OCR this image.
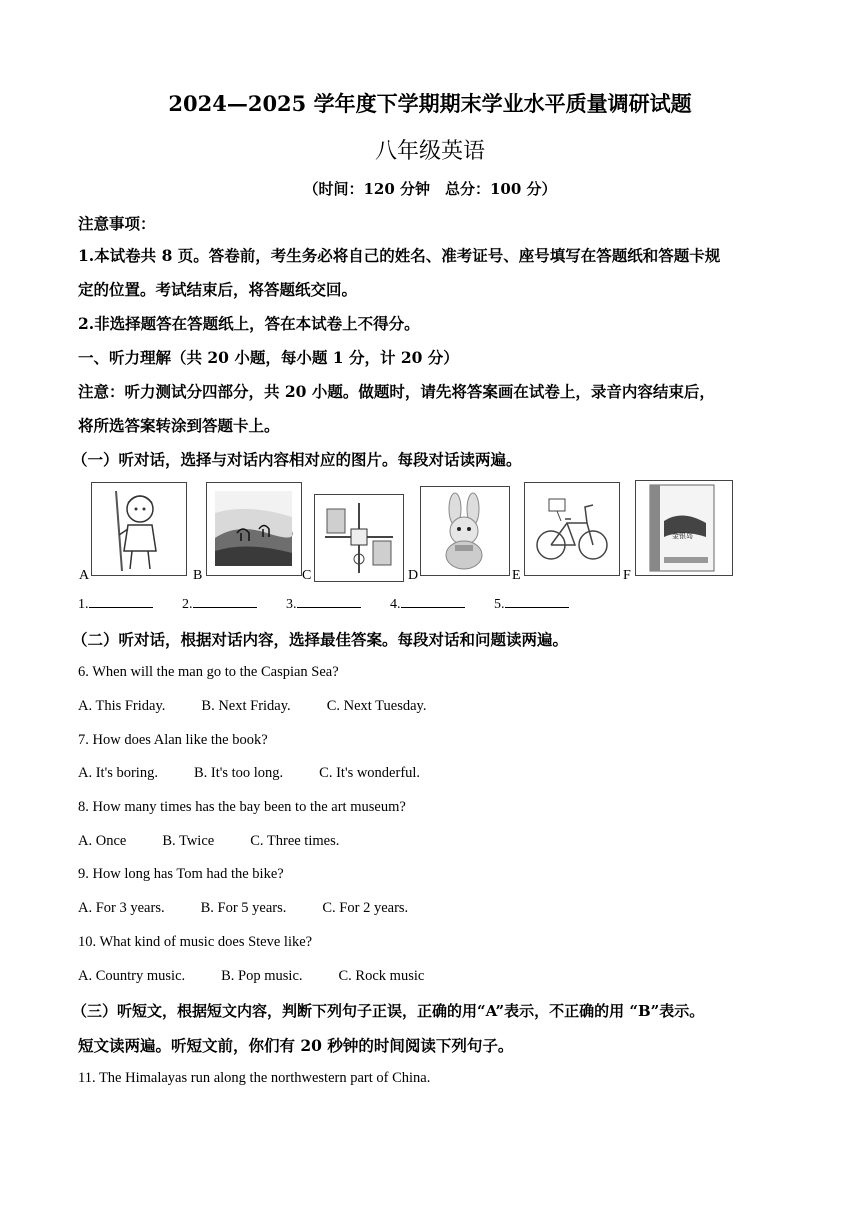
2024—2025 学年度下学期期末学业水平质量调研试题
八年级英语
（时间：120 分钟　总分：100 分）
注意事项：
1.本试卷共 8 页。答卷前，考生务必将自己的姓名、准考证号、座号填写在答题纸和答题卡规
定的位置。考试结束后，将答题纸交回。
2.非选择题答在答题纸上，答在本试卷上不得分。
一、听力理解（共 20 小题，每小题 1 分，计 20 分）
注意：听力测试分四部分，共 20 小题。做题时，请先将答案画在试卷上，录音内容结束后，
将所选答案转涂到答题卡上。
（一）听对话，选择与对话内容相对应的图片。每段对话读两遍。
A	B	C	D	E
金银岛
F
1.	2.	3.	4.	5.
（二）听对话，根据对话内容，选择最佳答案。每段对话和问题读两遍。
6. When will the man go to the Caspian Sea?
A. This Friday. B. Next Friday. C. Next Tuesday.
7. How does Alan like the book?
A. It's boring. B. It's too long. C. It's wonderful.
8. How many times has the bay been to the art museum?
A. Once B. Twice C. Three times.
9. How long has Tom had the bike?
A. For 3 years. B. For 5 years. C. For 2 years.
10. What kind of music does Steve like?
A. Country music. B. Pop music. C. Rock music
（三）听短文，根据短文内容，判断下列句子正误，正确的用“A”表示，不正确的用 “B”表示。
短文读两遍。听短文前，你们有 20 秒钟的时间阅读下列句子。
11. The Himalayas run along the northwestern part of China.
